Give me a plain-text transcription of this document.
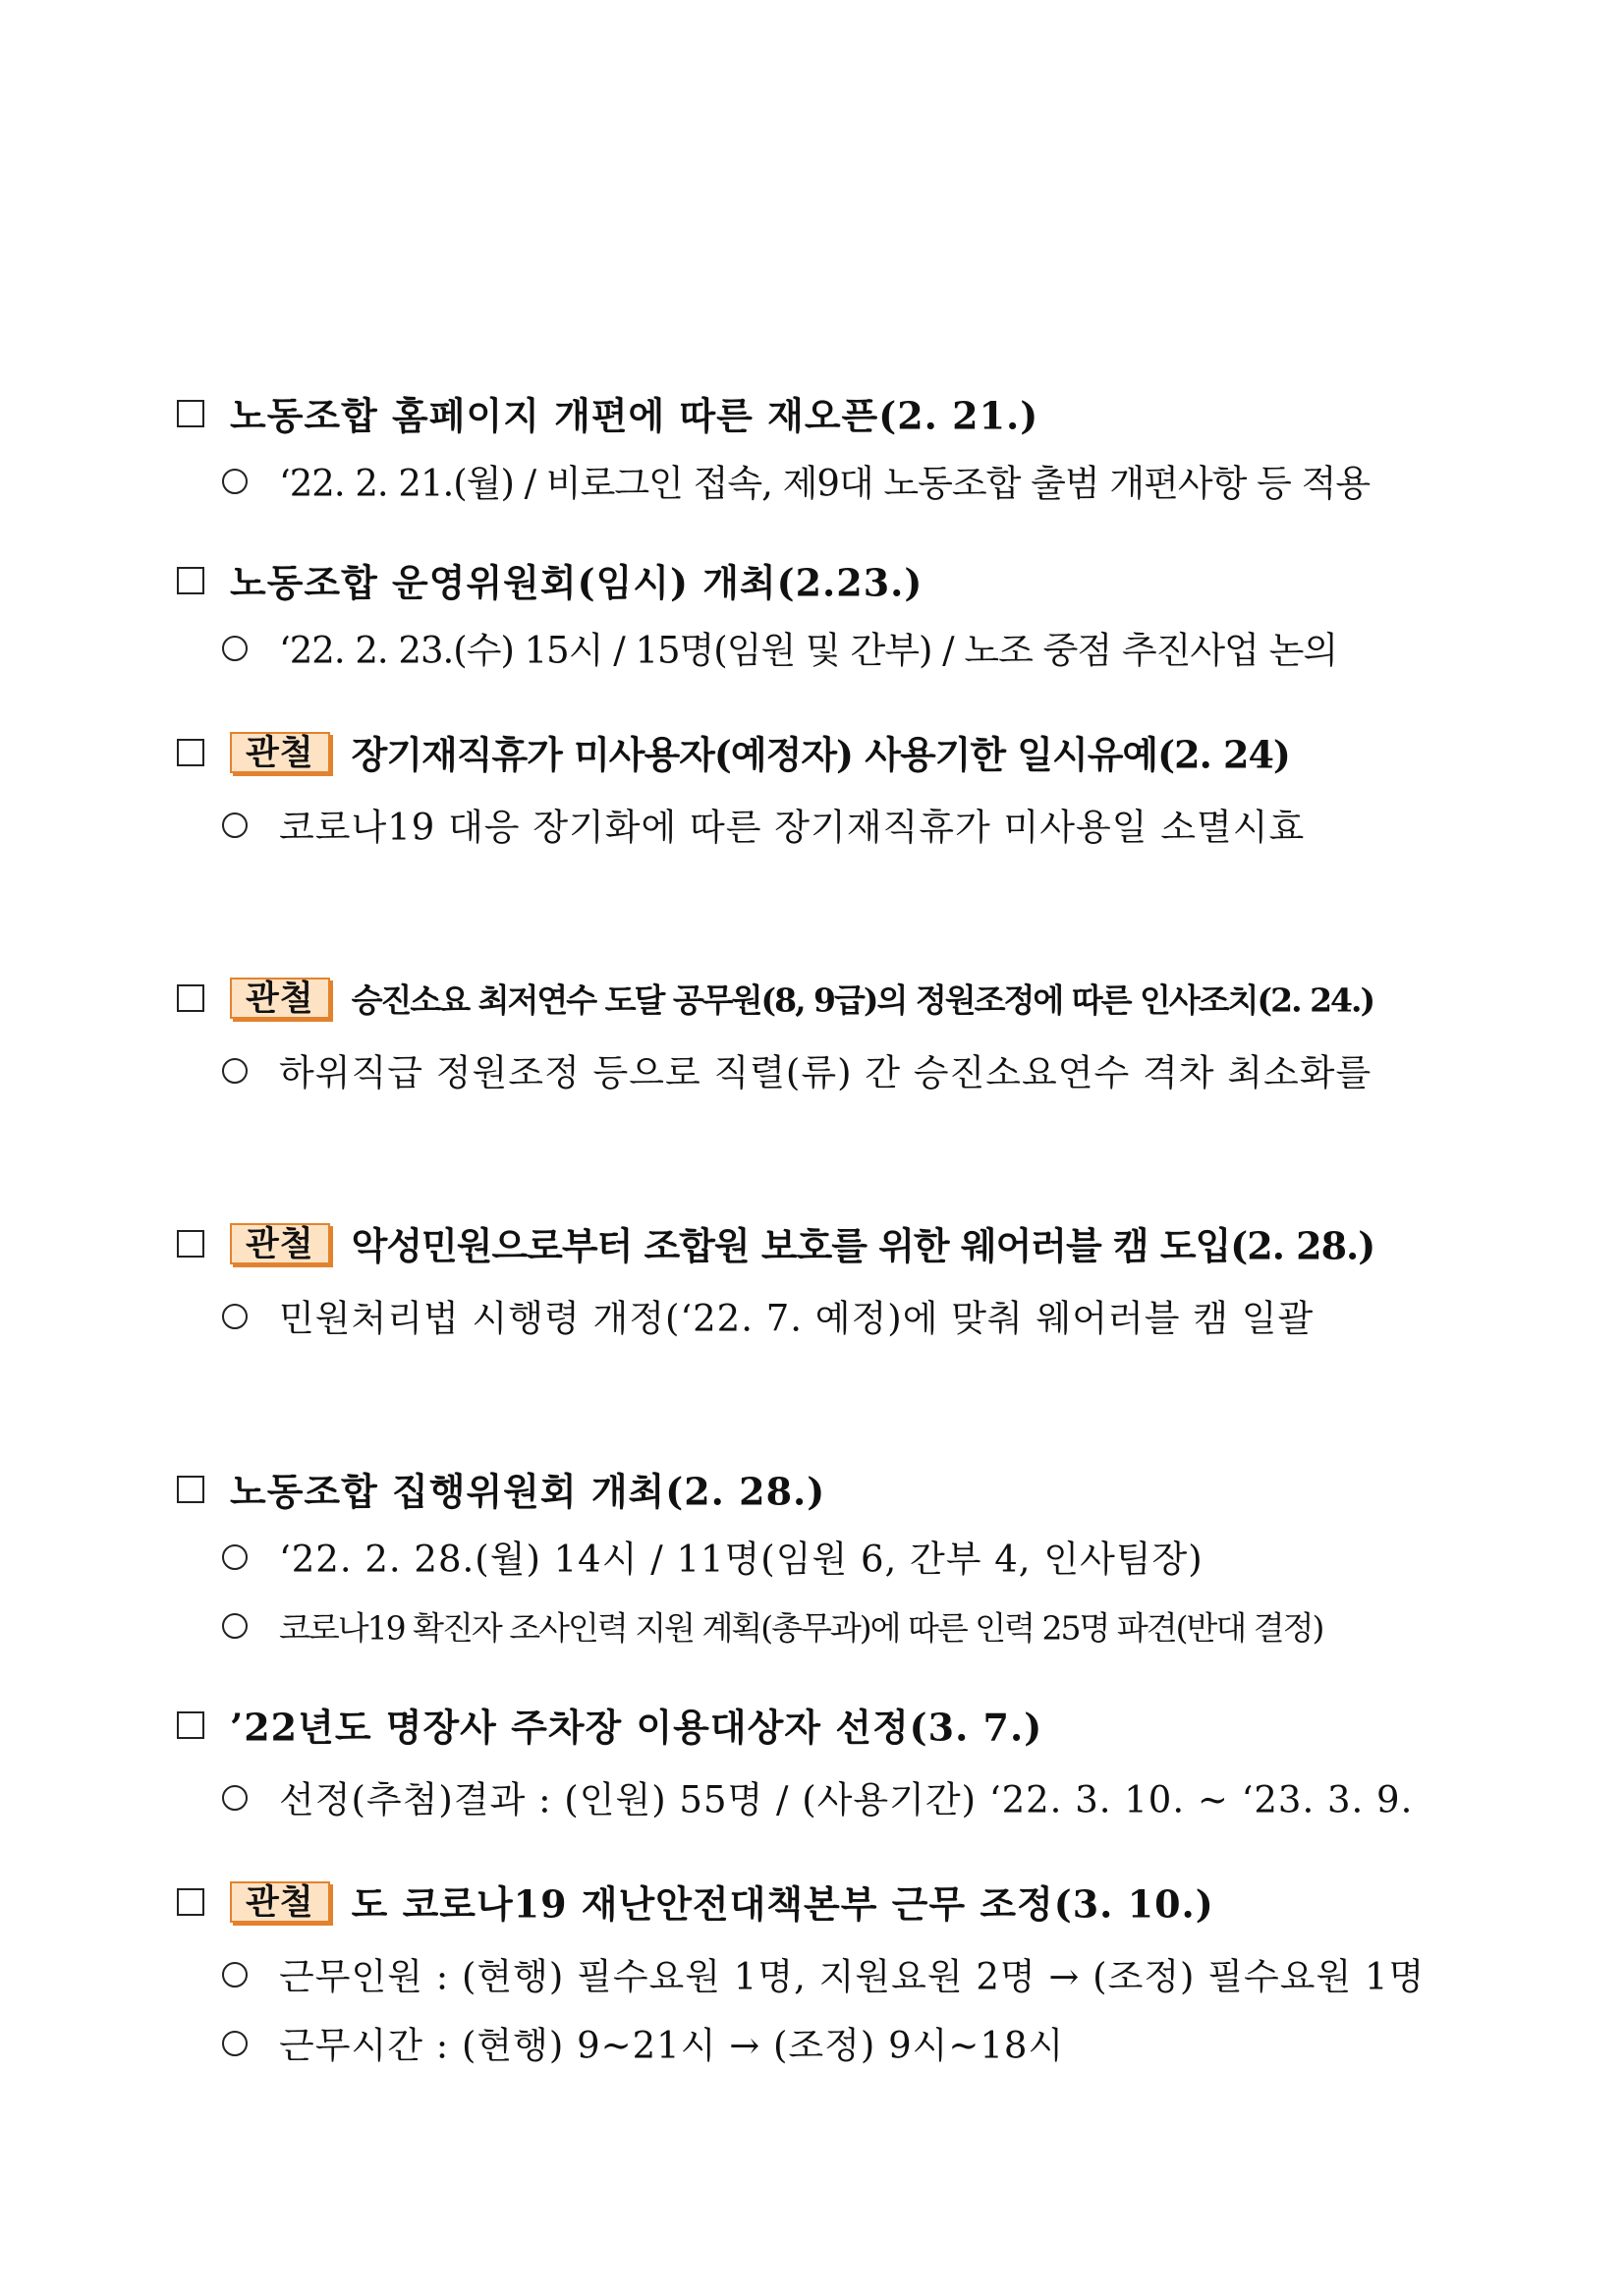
노동조합 홈페이지 개편에 따른 재오픈(2. 21.)
‘22. 2. 21.(월) / 비로그인 접속, 제9대 노동조합 출범 개편사항 등 적용
노동조합 운영위원회(임시) 개최(2.23.)
‘22. 2. 23.(수) 15시 / 15명(임원 및 간부) / 노조 중점 추진사업 논의
관철 장기재직휴가 미사용자(예정자) 사용기한 일시유예(2. 24)
코로나19 대응 장기화에 따른 장기재직휴가 미사용일 소멸시효
관철 승진소요 최저연수 도달 공무원(8, 9급)의 정원조정에 따른 인사조치(2. 24.)
하위직급 정원조정 등으로 직렬(류) 간 승진소요연수 격차 최소화를
관철 악성민원으로부터 조합원 보호를 위한 웨어러블 캠 도입(2. 28.)
민원처리법 시행령 개정(‘22. 7. 예정)에 맞춰 웨어러블 캠 일괄
노동조합 집행위원회 개최(2. 28.)
‘22. 2. 28.(월) 14시 / 11명(임원 6, 간부 4, 인사팀장)
코로나19 확진자 조사인력 지원 계획(총무과)에 따른 인력 25명 파견(반대 결정)
’22년도 명장사 주차장 이용대상자 선정(3. 7.)
선정(추첨)결과 : (인원) 55명 / (사용기간) ‘22. 3. 10. ~ ‘23. 3. 9.
관철 도 코로나19 재난안전대책본부 근무 조정(3. 10.)
근무인원 : (현행) 필수요원 1명, 지원요원 2명 → (조정) 필수요원 1명
근무시간 : (현행) 9~21시 → (조정) 9시~18시
